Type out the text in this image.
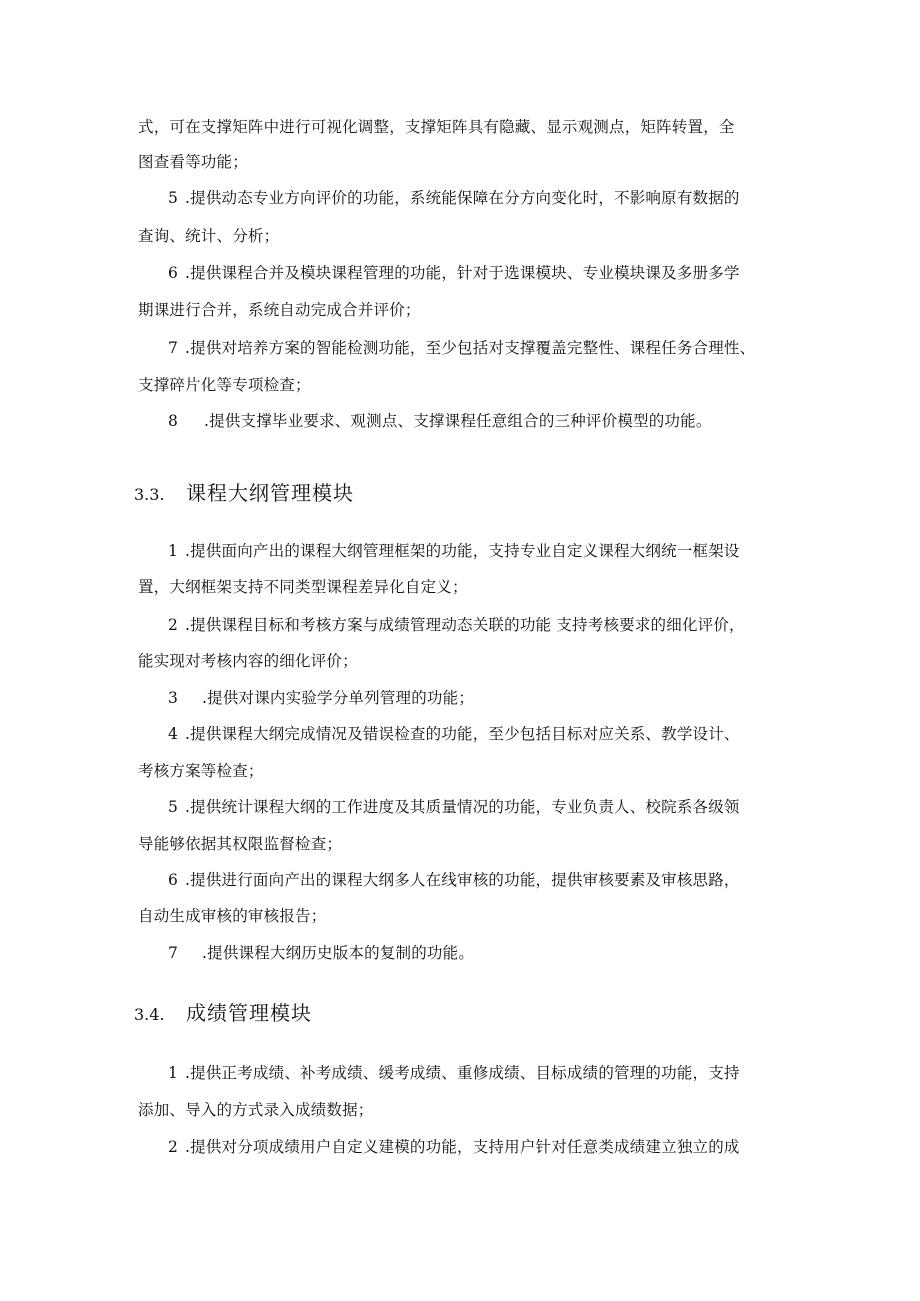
式，可在支撑矩阵中进行可视化调整，支撑矩阵具有隐藏、显示观测点，矩阵转置，全
图查看等功能；
5 .提供动态专业方向评价的功能，系统能保障在分方向变化时，不影响原有数据的
查询、统计、分析；
6 .提供课程合并及模块课程管理的功能，针对于选课模块、专业模块课及多册多学
期课进行合并，系统自动完成合并评价；
7 .提供对培养方案的智能检测功能，至少包括对支撑覆盖完整性、课程任务合理性、
支撑碎片化等专项检查；
8 .提供支撑毕业要求、观测点、支撑课程任意组合的三种评价模型的功能。
3.3. 课程大纲管理模块
1 .提供面向产出的课程大纲管理框架的功能，支持专业自定义课程大纲统一框架设
置，大纲框架支持不同类型课程差异化自定义；
2 .提供课程目标和考核方案与成绩管理动态关联的功能 支持考核要求的细化评价，
能实现对考核内容的细化评价；
3 .提供对课内实验学分单列管理的功能；
4 .提供课程大纲完成情况及错误检查的功能，至少包括目标对应关系、教学设计、
考核方案等检查；
5 .提供统计课程大纲的工作进度及其质量情况的功能，专业负责人、校院系各级领
导能够依据其权限监督检查；
6 .提供进行面向产出的课程大纲多人在线审核的功能，提供审核要素及审核思路，
自动生成审核的审核报告；
7 .提供课程大纲历史版本的复制的功能。
3.4. 成绩管理模块
1 .提供正考成绩、补考成绩、缓考成绩、重修成绩、目标成绩的管理的功能，支持
添加、导入的方式录入成绩数据；
2 .提供对分项成绩用户自定义建模的功能，支持用户针对任意类成绩建立独立的成
